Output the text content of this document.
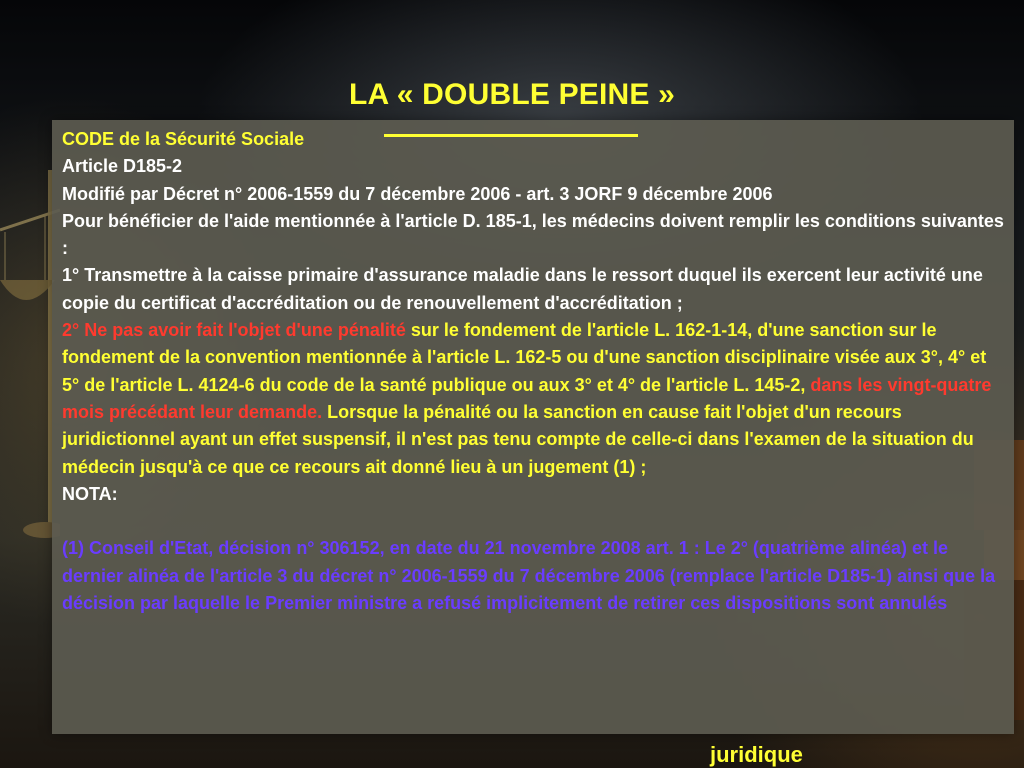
LA « DOUBLE PEINE »

CODE de la Sécurité Sociale

Article D185-2

Modifié par Décret n° 2006-1559 du 7 décembre 2006 - art. 3 JORF 9 décembre 2006

Pour bénéficier de l'aide mentionnée à l'article D. 185-1, les médecins doivent remplir les conditions suivantes :

1° Transmettre à la caisse primaire d'assurance maladie dans le ressort duquel ils exercent leur activité une copie du certificat d'accréditation ou de renouvellement d'accréditation ;

2° Ne pas avoir fait l'objet d'une pénalité sur le fondement de l'article L. 162-1-14, d'une sanction sur le fondement de la convention mentionnée à l'article L. 162-5 ou d'une sanction disciplinaire visée aux 3°, 4° et 5° de l'article L. 4124-6 du code de la santé publique ou aux 3° et 4° de l'article L. 145-2, dans les vingt-quatre mois précédant leur demande. Lorsque la pénalité ou la sanction en cause fait l'objet d'un recours juridictionnel ayant un effet suspensif, il n'est pas tenu compte de celle-ci dans l'examen de la situation du médecin jusqu'à ce que ce recours ait donné lieu à un jugement (1) ;

NOTA:

(1) Conseil d'Etat, décision n° 306152, en date du 21 novembre 2008 art. 1 : Le 2° (quatrième alinéa) et le dernier alinéa de l'article 3 du décret n° 2006-1559 du 7 décembre 2006 (remplace l'article D185-1) ainsi que la décision par laquelle le Premier ministre a refusé implicitement de retirer ces dispositions sont annulés

juridique
